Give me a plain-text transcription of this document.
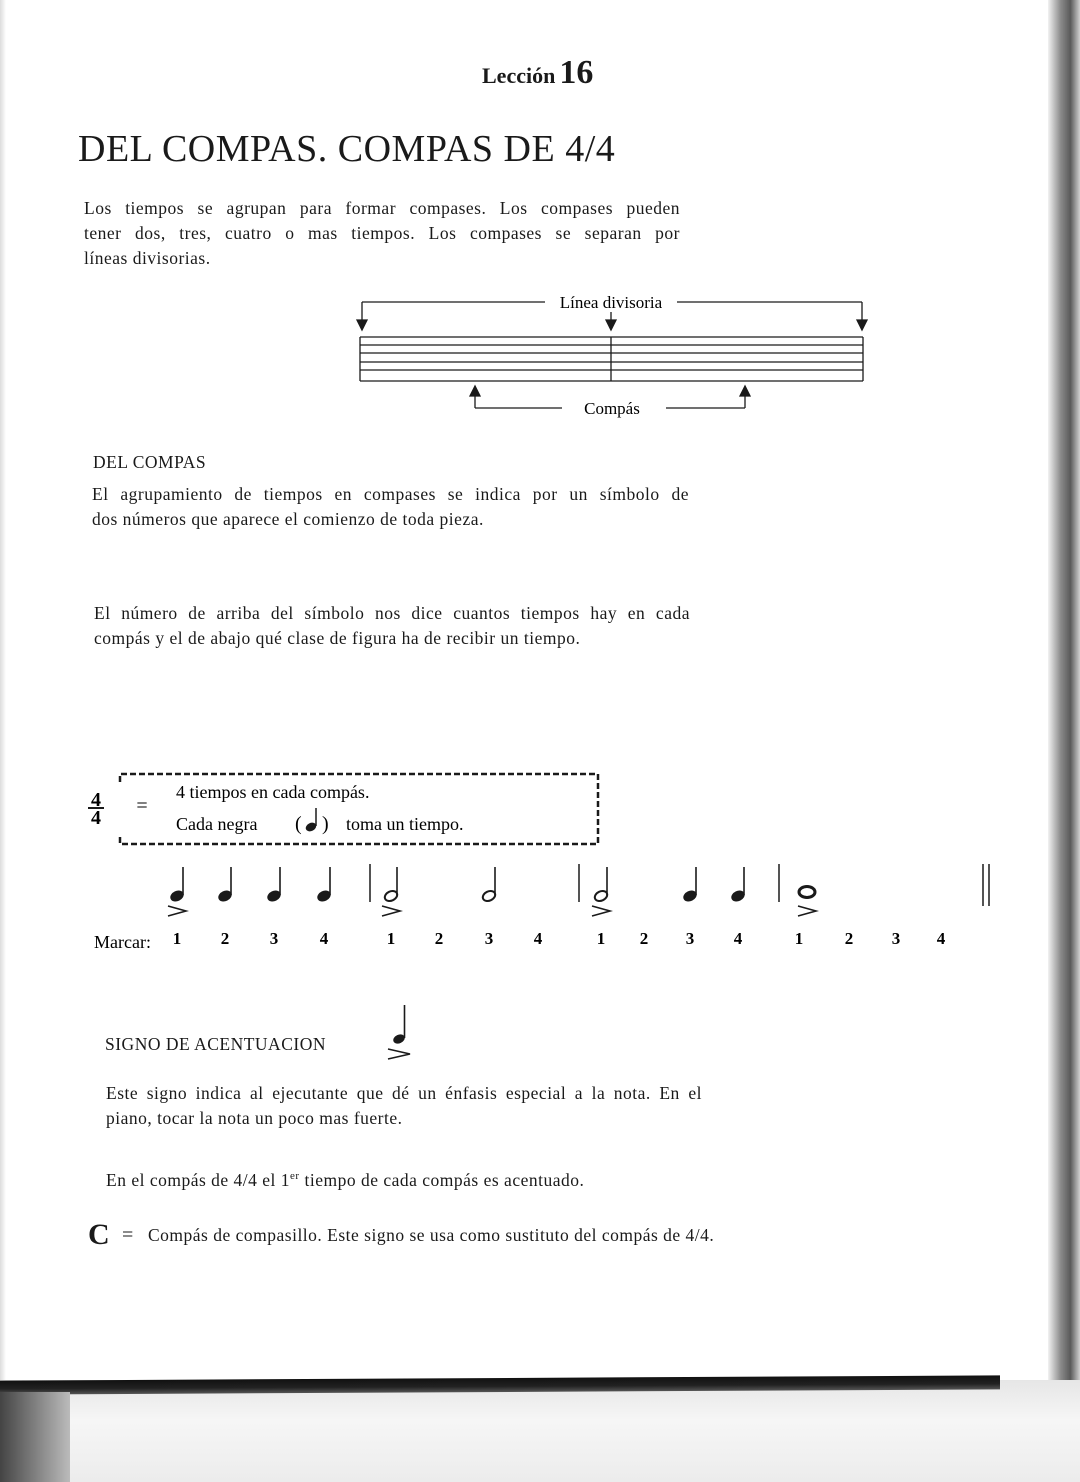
Lección 16
DEL COMPAS. COMPAS DE 4/4
Los tiempos se agrupan para formar compases. Los compases pueden
tener dos, tres, cuatro o mas tiempos. Los compases se separan por
líneas divisorias.
Línea divisoria
Compás
DEL COMPAS
El agrupamiento de tiempos en compases se indica por un símbolo de
dos números que aparece el comienzo de toda pieza.
El número de arriba del símbolo nos dice cuantos tiempos hay en cada
compás y el de abajo qué clase de figura ha de recibir un tiempo.
4
4
=
4 tiempos en cada compás.
Cada negra ( ) toma un tiempo.
Marcar: 1 2 3 4	1 2 3 4	1 2 3 4	1 2 3 4
SIGNO DE ACENTUACION
Este signo indica al ejecutante que dé un énfasis especial a la nota. En el
piano, tocar la nota un poco mas fuerte.
En el compás de 4/4 el 1er tiempo de cada compás es acentuado.
C = Compás de compasillo. Este signo se usa como sustituto del compás de 4/4.
